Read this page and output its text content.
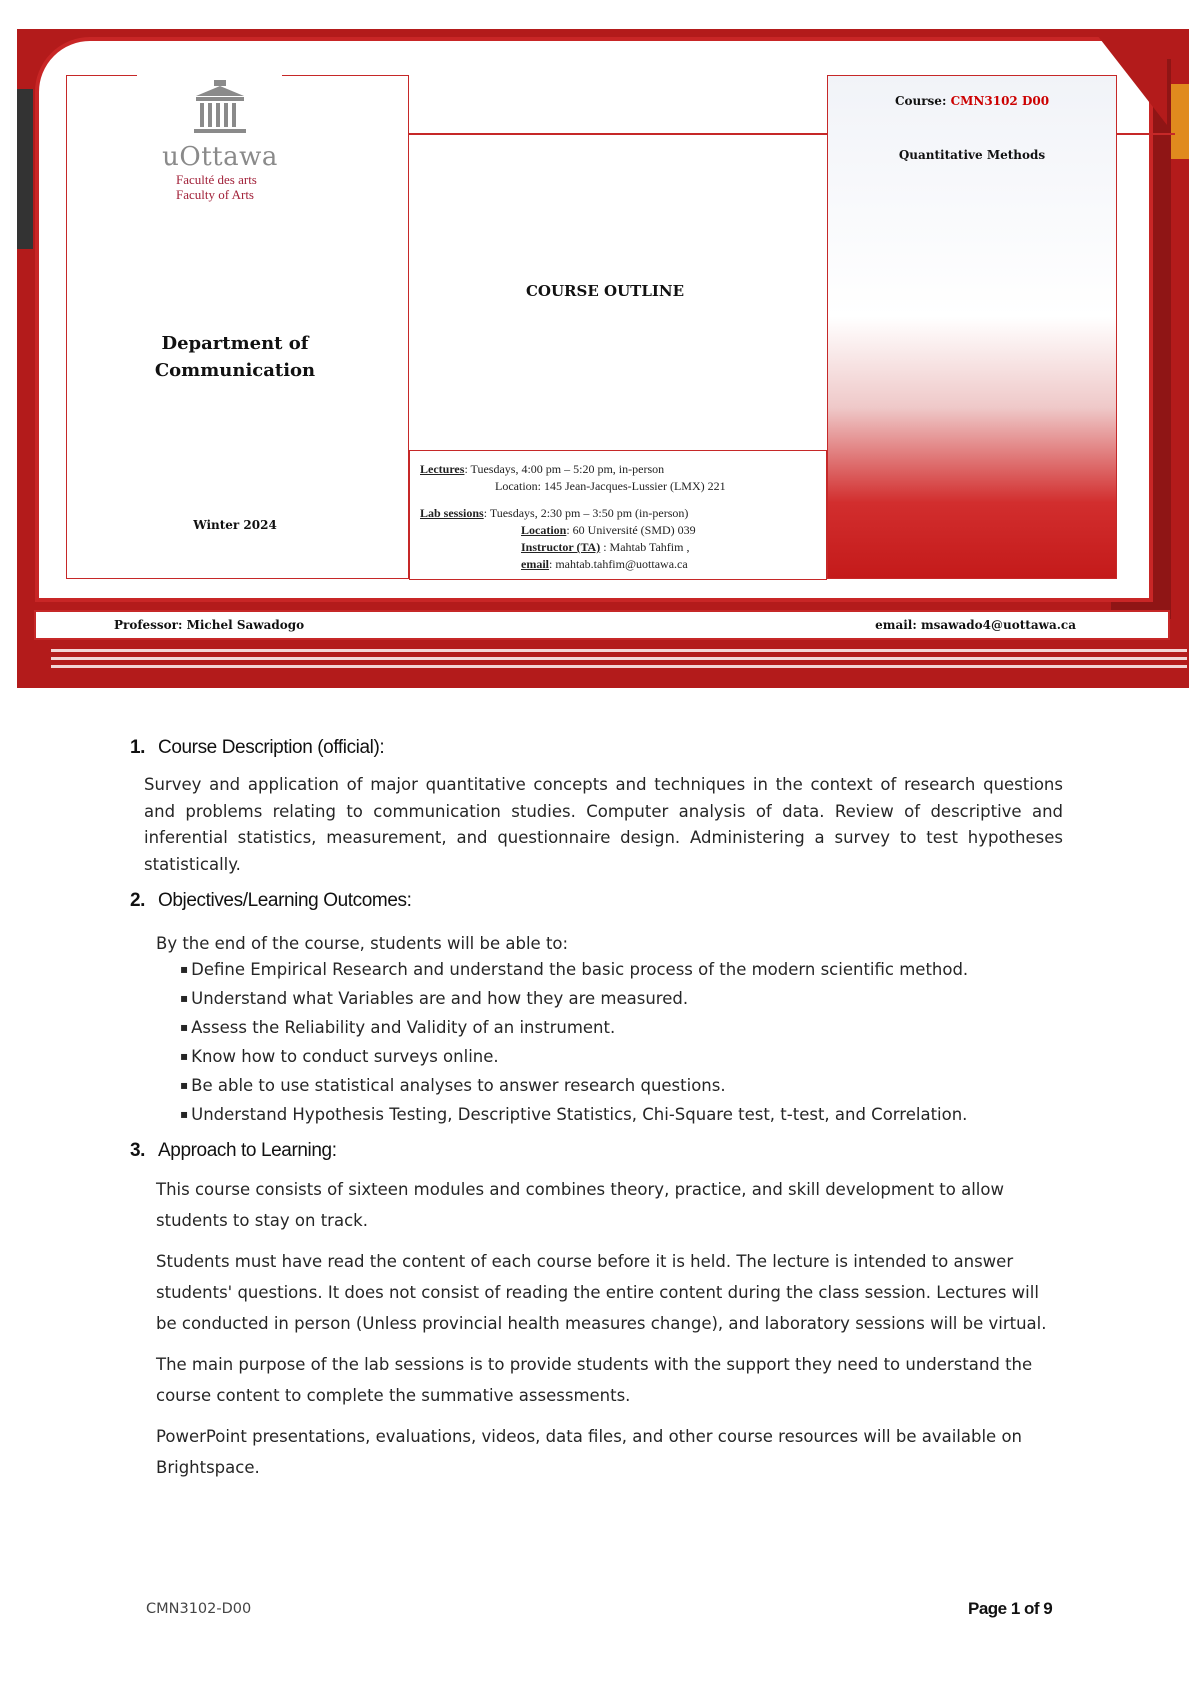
uOttawa
Faculté des arts
Faculty of Arts
Department of Communication
Winter 2024
COURSE OUTLINE
Lectures: Tuesdays, 4:00 pm – 5:20 pm, in-person
Location: 145 Jean-Jacques-Lussier (LMX) 221
Lab sessions: Tuesdays, 2:30 pm – 3:50 pm (in-person)
Location: 60 Université (SMD) 039
Instructor (TA) : Mahtab Tahfim ,
email: mahtab.tahfim@uottawa.ca
Course: CMN3102 D00
Quantitative Methods
Professor: Michel Sawadogo	email: msawado4@uottawa.ca
1. Course Description (official):

Survey and application of major quantitative concepts and techniques in the context of research questions and problems relating to communication studies. Computer analysis of data. Review of descriptive and inferential statistics, measurement, and questionnaire design. Administering a survey to test hypotheses statistically.

2. Objectives/Learning Outcomes:
By the end of the course, students will be able to:
▪ Define Empirical Research and understand the basic process of the modern scientific method.
▪ Understand what Variables are and how they are measured.
▪ Assess the Reliability and Validity of an instrument.
▪ Know how to conduct surveys online.
▪ Be able to use statistical analyses to answer research questions.
▪ Understand Hypothesis Testing, Descriptive Statistics, Chi-Square test, t-test, and Correlation.
3. Approach to Learning:

This course consists of sixteen modules and combines theory, practice, and skill development to allow students to stay on track.

Students must have read the content of each course before it is held. The lecture is intended to answer students' questions. It does not consist of reading the entire content during the class session. Lectures will be conducted in person (Unless provincial health measures change), and laboratory sessions will be virtual.

The main purpose of the lab sessions is to provide students with the support they need to understand the course content to complete the summative assessments.

PowerPoint presentations, evaluations, videos, data files, and other course resources will be available on Brightspace.

CMN3102-D00	Page 1 of 9
